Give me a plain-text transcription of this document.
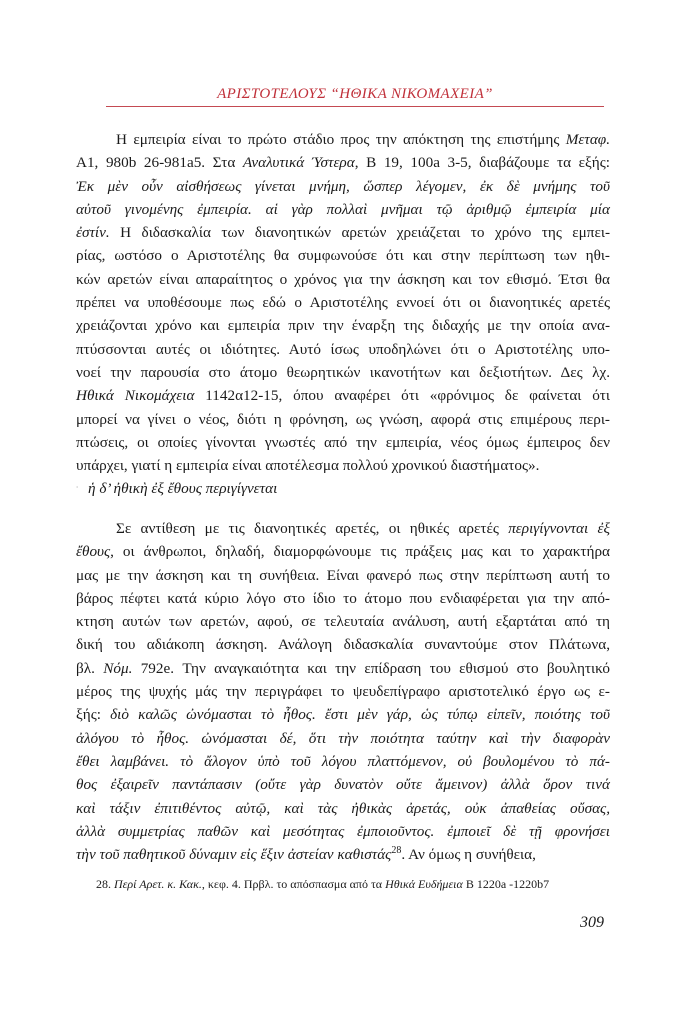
ΑΡΙΣΤΟΤΕΛΟΥΣ “ΗΘΙΚΑ ΝΙΚΟΜΑΧΕΙΑ”
Η εμπειρία είναι το πρώτο στάδιο προς την απόκτηση της επιστήμης Μεταφ.
Α1, 980b 26-981a5. Στα Αναλυτικά Ύστερα, Β 19, 100a 3-5, διαβάζουμε τα εξής:
Ἐκ μὲν οὖν αἰσθήσεως γίνεται μνήμη, ὥσπερ λέγομεν, ἐκ δὲ μνήμης τοῦ
αὐτοῦ γινομένης ἐμπειρία. αἱ γὰρ πολλαὶ μνῆμαι τῷ ἀριθμῷ ἐμπειρία μία
ἐστίν. Η διδασκαλία των διανοητικών αρετών χρειάζεται το χρόνο της εμπει-
ρίας, ωστόσο ο Αριστοτέλης θα συμφωνούσε ότι και στην περίπτωση των ηθι-
κών αρετών είναι απαραίτητος ο χρόνος για την άσκηση και τον εθισμό. Έτσι θα
πρέπει να υποθέσουμε πως εδώ ο Αριστοτέλης εννοεί ότι οι διανοητικές αρετές
χρειάζονται χρόνο και εμπειρία πριν την έναρξη της διδαχής με την οποία ανα-
πτύσσονται αυτές οι ιδιότητες. Αυτό ίσως υποδηλώνει ότι ο Αριστοτέλης υπο-
νοεί την παρουσία στο άτομο θεωρητικών ικανοτήτων και δεξιοτήτων. Δες λχ.
Ηθικά Νικομάχεια 1142α12-15, όπου αναφέρει ότι «φρόνιμος δε φαίνεται ότι
μπορεί να γίνει ο νέος, διότι η φρόνηση, ως γνώση, αφορά στις επιμέρους περι-
πτώσεις, οι οποίες γίνονται γνωστές από την εμπειρία, νέος όμως έμπειρος δεν
υπάρχει, γιατί η εμπειρία είναι αποτέλεσμα πολλού χρονικού διαστήματος».
· ἡ δ’ ἠθικὴ ἐξ ἔθους περιγίγνεται
Σε αντίθεση με τις διανοητικές αρετές, οι ηθικές αρετές περιγίγνονται ἐξ
ἔθους, οι άνθρωποι, δηλαδή, διαμορφώνουμε τις πράξεις μας και το χαρακτήρα
μας με την άσκηση και τη συνήθεια. Είναι φανερό πως στην περίπτωση αυτή το
βάρος πέφτει κατά κύριο λόγο στο ίδιο το άτομο που ενδιαφέρεται για την από-
κτηση αυτών των αρετών, αφού, σε τελευταία ανάλυση, αυτή εξαρτάται από τη
δική του αδιάκοπη άσκηση. Ανάλογη διδασκαλία συναντούμε στον Πλάτωνα,
βλ. Νόμ. 792e. Την αναγκαιότητα και την επίδραση του εθισμού στο βουλητικό
μέρος της ψυχής μάς την περιγράφει το ψευδεπίγραφο αριστοτελικό έργο ως ε-
ξής: διὸ καλῶς ὠνόμασται τὸ ἦθος. ἔστι μὲν γάρ, ὡς τύπῳ εἰπεῖν, ποιότης τοῦ
ἀλόγου τὸ ἦθος. ὠνόμασται δέ, ὅτι τὴν ποιότητα ταύτην καὶ τὴν διαφορὰν
ἔθει λαμβάνει. τὸ ἄλογον ὑπὸ τοῦ λόγου πλαττόμενον, οὐ βουλομένου τὸ πά-
θος ἐξαιρεῖν παντάπασιν (οὔτε γὰρ δυνατὸν οὔτε ἄμεινον) ἀλλὰ ὅρον τινά
καὶ τάξιν ἐπιτιθέντος αὐτῷ, καὶ τὰς ἠθικὰς ἀρετάς, οὐκ ἀπαθείας οὔσας,
ἀλλὰ συμμετρίας παθῶν καὶ μεσότητας ἐμποιοῦντος. ἐμποιεῖ δὲ τῇ φρονήσει
τὴν τοῦ παθητικοῦ δύναμιν εἰς ἕξιν ἀστείαν καθιστάς$^{28}$. Αν όμως η συνήθεια,
28. Περί Αρετ. κ. Κακ., κεφ. 4. Πρβλ. το απόσπασμα από τα Ηθικά Ευδήμεια Β 1220a -1220b7
309
